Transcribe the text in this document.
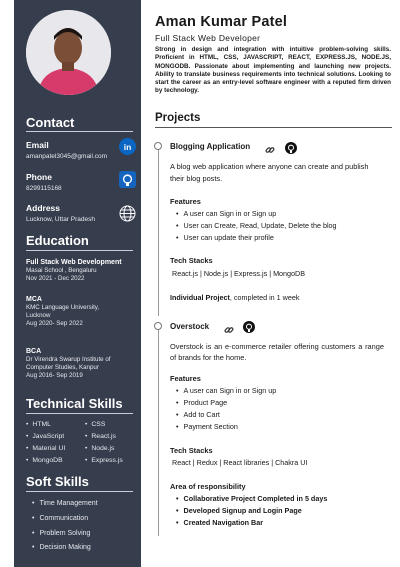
Contact
Email
amanpatel3045@gmail.com
in
Phone
8299115168
Address
Lucknow, Uttar Pradesh
Education
Full Stack Web Development
Masai School , Bengaluru
Nov 2021 - Dec 2022
MCA
KMC Language University,
Lucknow
Aug 2020- Sep 2022
BCA
Dr Virendra Swarup Institute of
Computer Studies, Kanpur
Aug 2016- Sep 2019
Technical Skills
• HTML
• JavaScript
• Material UI
• MongoDB
• CSS
• React.js
• Node.js
• Express.js
Soft Skills
• Time Management
• Communication
• Problem Solving
• Decision Making
Aman Kumar Patel
Full Stack Web Developer
Strong in design and integration with intuitive problem-solving skills. Proficient in HTML, CSS, JAVASCRIPT, REACT, EXPRESS.JS, NODE.JS, MONGODB. Passionate about implementing and launching new projects. Ability to translate business requirements into technical solutions. Looking to start the career as an entry-level software engineer with a reputed firm driven by technology.
Projects
Blogging Application
A blog web application where anyone can create and publish their blog posts.
Features
• A user can Sign in or Sign up
• User can Create, Read, Update, Delete the blog
• User can update their profile
Tech Stacks
React.js | Node.js | Express.js | MongoDB
Individual Project, completed in 1 week
Overstock
Overstock is an e-commerce retailer offering customers a range of brands for the home.
Features
• A user can Sign in or Sign up
• Product Page
• Add to Cart
• Payment Section
Tech Stacks
React | Redux | React libraries | Chakra UI
Area of responsibility
• Collaborative Project Completed in 5 days
• Developed Signup and Login Page
• Created Navigation Bar
